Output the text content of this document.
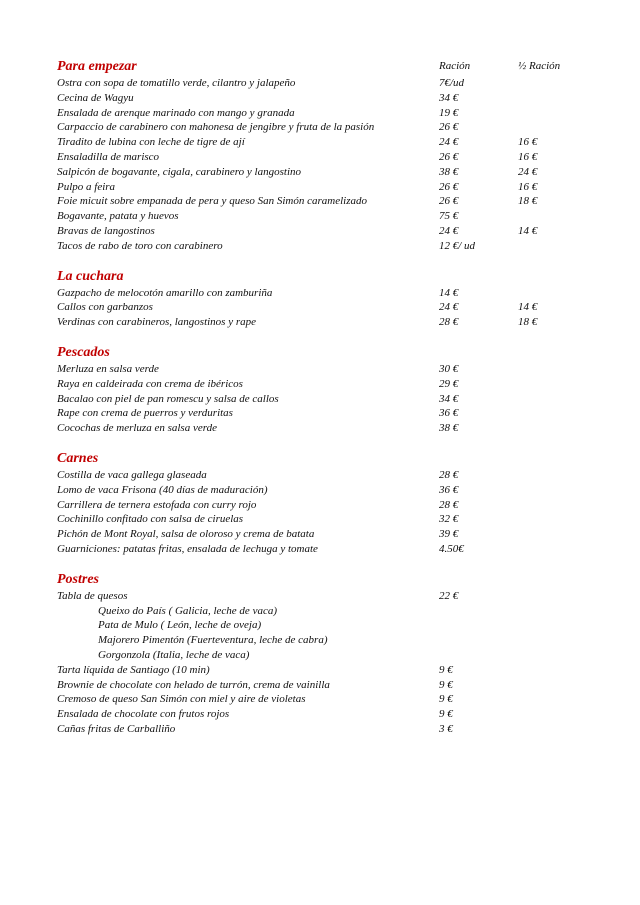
Para empezar	Ración	½ Ración
Ostra con sopa de tomatillo verde, cilantro y jalapeño	7€/ud
Cecina de Wagyu	34 €
Ensalada de arenque marinado con mango y granada	19 €
Carpaccio de carabinero con mahonesa de jengibre y fruta de la pasión	26 €
Tiradito de lubina con leche de tigre de ají	24 €	16 €
Ensaladilla de marisco	26 €	16 €
Salpicón de bogavante, cigala, carabinero y langostino	38 €	24 €
Pulpo a feira	26 €	16 €
Foie micuit sobre empanada de pera y queso San Simón caramelizado	26 €	18 €
Bogavante, patata y huevos	75 €
Bravas de langostinos	24 €	14 €
Tacos de rabo de toro con carabinero	12 €/ ud
La cuchara
Gazpacho de melocotón amarillo con zamburiña	14 €
Callos con garbanzos	24 €	14 €
Verdinas con carabineros, langostinos y rape	28 €	18 €
Pescados
Merluza en salsa verde	30 €
Raya en caldeirada con crema de ibéricos	29 €
Bacalao con piel de pan romescu y salsa de callos	34 €
Rape con crema de puerros y verduritas	36 €
Cocochas de merluza en salsa verde	38 €
Carnes
Costilla de vaca gallega glaseada	28 €
Lomo de vaca Frisona (40 días de maduración)	36 €
Carrillera de ternera estofada con curry rojo	28 €
Cochinillo confitado con salsa de ciruelas	32 €
Pichón de Mont Royal, salsa de oloroso y crema de batata	39 €
Guarniciones: patatas fritas, ensalada de lechuga y tomate	4.50€
Postres
Tabla de quesos	22 €
Queixo do País ( Galicia, leche de vaca)
Pata de Mulo ( León, leche de oveja)
Majorero Pimentón (Fuerteventura, leche de cabra)
Gorgonzola (Italia, leche de vaca)
Tarta líquida de Santiago (10 min)	9 €
Brownie de chocolate con helado de turrón, crema de vainilla	9 €
Cremoso de queso San Simón con miel y aire de violetas	9 €
Ensalada de chocolate con frutos rojos	9 €
Cañas fritas de Carballiño	3 €
